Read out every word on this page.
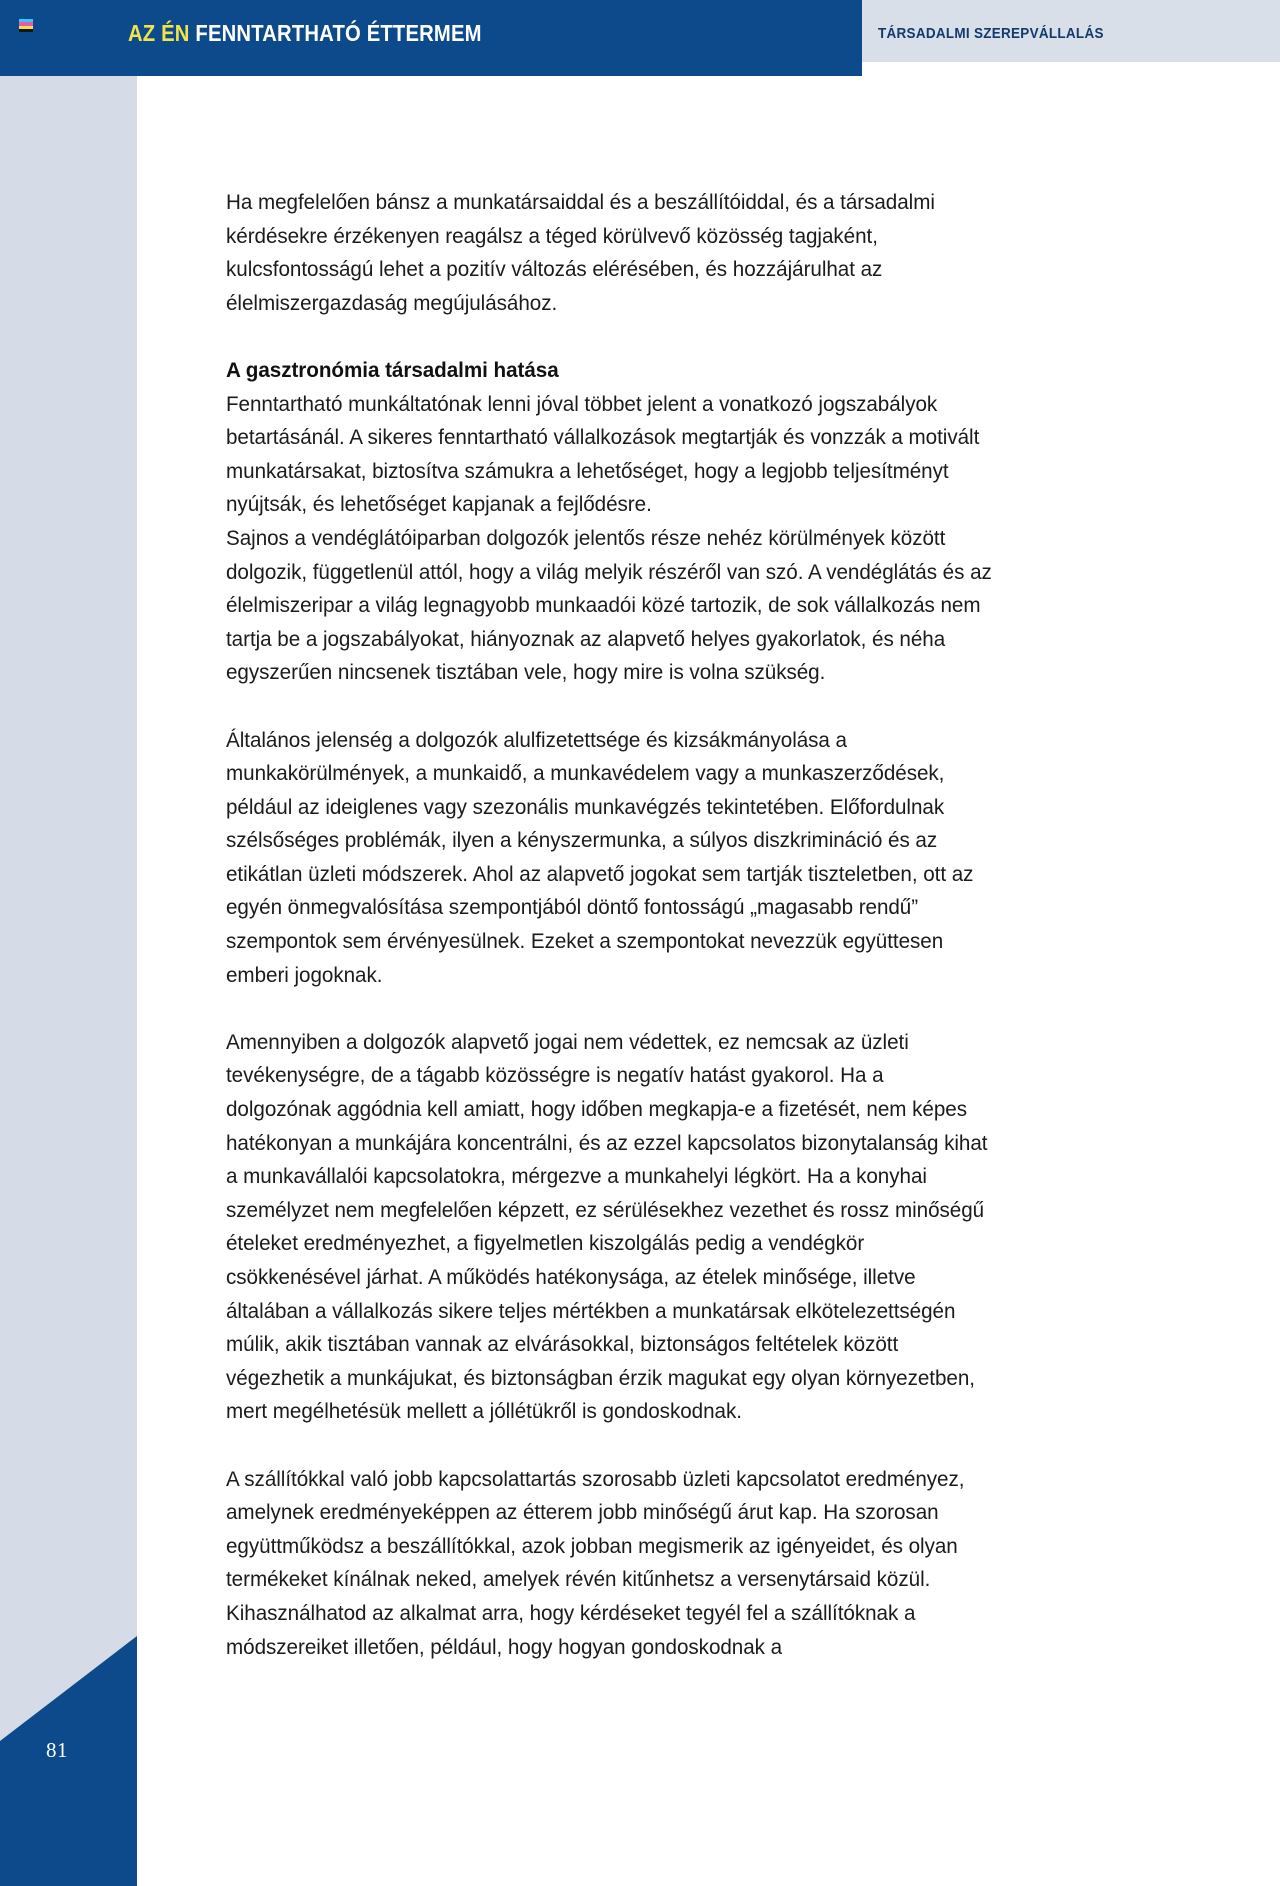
AZ ÉN FENNTARTHATÓ ÉTTERMEM	TÁRSADALMI SZEREPVÁLLALÁS
81

Ha megfelelően bánsz a munkatársaiddal és a beszállítóiddal, és a társadalmi kérdésekre érzékenyen reagálsz a téged körülvevő közösség tagjaként, kulcsfontosságú lehet a pozitív változás elérésében, és hozzájárulhat az élelmiszergazdaság megújulásához.

A gasztronómia társadalmi hatása

Fenntartható munkáltatónak lenni jóval többet jelent a vonatkozó jogszabályok betartásánál. A sikeres fenntartható vállalkozások megtartják és vonzzák a motivált munkatársakat, biztosítva számukra a lehetőséget, hogy a legjobb teljesítményt nyújtsák, és lehetőséget kapjanak a fejlődésre.

Sajnos a vendéglátóiparban dolgozók jelentős része nehéz körülmények között dolgozik, függetlenül attól, hogy a világ melyik részéről van szó. A vendéglátás és az élelmiszeripar a világ legnagyobb munkaadói közé tartozik, de sok vállalkozás nem tartja be a jogszabályokat, hiányoznak az alapvető helyes gyakorlatok, és néha egyszerűen nincsenek tisztában vele, hogy mire is volna szükség.

Általános jelenség a dolgozók alulfizetettsége és kizsákmányolása a munkakörülmények, a munkaidő, a munkavédelem vagy a munkaszerződések, például az ideiglenes vagy szezonális munkavégzés tekintetében. Előfordulnak szélsőséges problémák, ilyen a kényszermunka, a súlyos diszkrimináció és az etikátlan üzleti módszerek. Ahol az alapvető jogokat sem tartják tiszteletben, ott az egyén önmegvalósítása szempontjából döntő fontosságú „magasabb rendű” szempontok sem érvényesülnek. Ezeket a szempontokat nevezzük együttesen emberi jogoknak.

Amennyiben a dolgozók alapvető jogai nem védettek, ez nemcsak az üzleti tevékenységre, de a tágabb közösségre is negatív hatást gyakorol. Ha a dolgozónak aggódnia kell amiatt, hogy időben megkapja-e a fizetését, nem képes hatékonyan a munkájára koncentrálni, és az ezzel kapcsolatos bizonytalanság kihat a munkavállalói kapcsolatokra, mérgezve a munkahelyi légkört. Ha a konyhai személyzet nem megfelelően képzett, ez sérülésekhez vezethet és rossz minőségű ételeket eredményezhet, a figyelmetlen kiszolgálás pedig a vendégkör csökkenésével járhat. A működés hatékonysága, az ételek minősége, illetve általában a vállalkozás sikere teljes mértékben a munkatársak elkötelezettségén múlik, akik tisztában vannak az elvárásokkal, biztonságos feltételek között végezhetik a munkájukat, és biztonságban érzik magukat egy olyan környezetben, mert megélhetésük mellett a jóllétükről is gondoskodnak.

A szállítókkal való jobb kapcsolattartás szorosabb üzleti kapcsolatot eredményez, amelynek eredményeképpen az étterem jobb minőségű árut kap. Ha szorosan együttműködsz a beszállítókkal, azok jobban megismerik az igényeidet, és olyan termékeket kínálnak neked, amelyek révén kitűnhetsz a versenytársaid közül. Kihasználhatod az alkalmat arra, hogy kérdéseket tegyél fel a szállítóknak a módszereiket illetően, például, hogy hogyan gondoskodnak a
